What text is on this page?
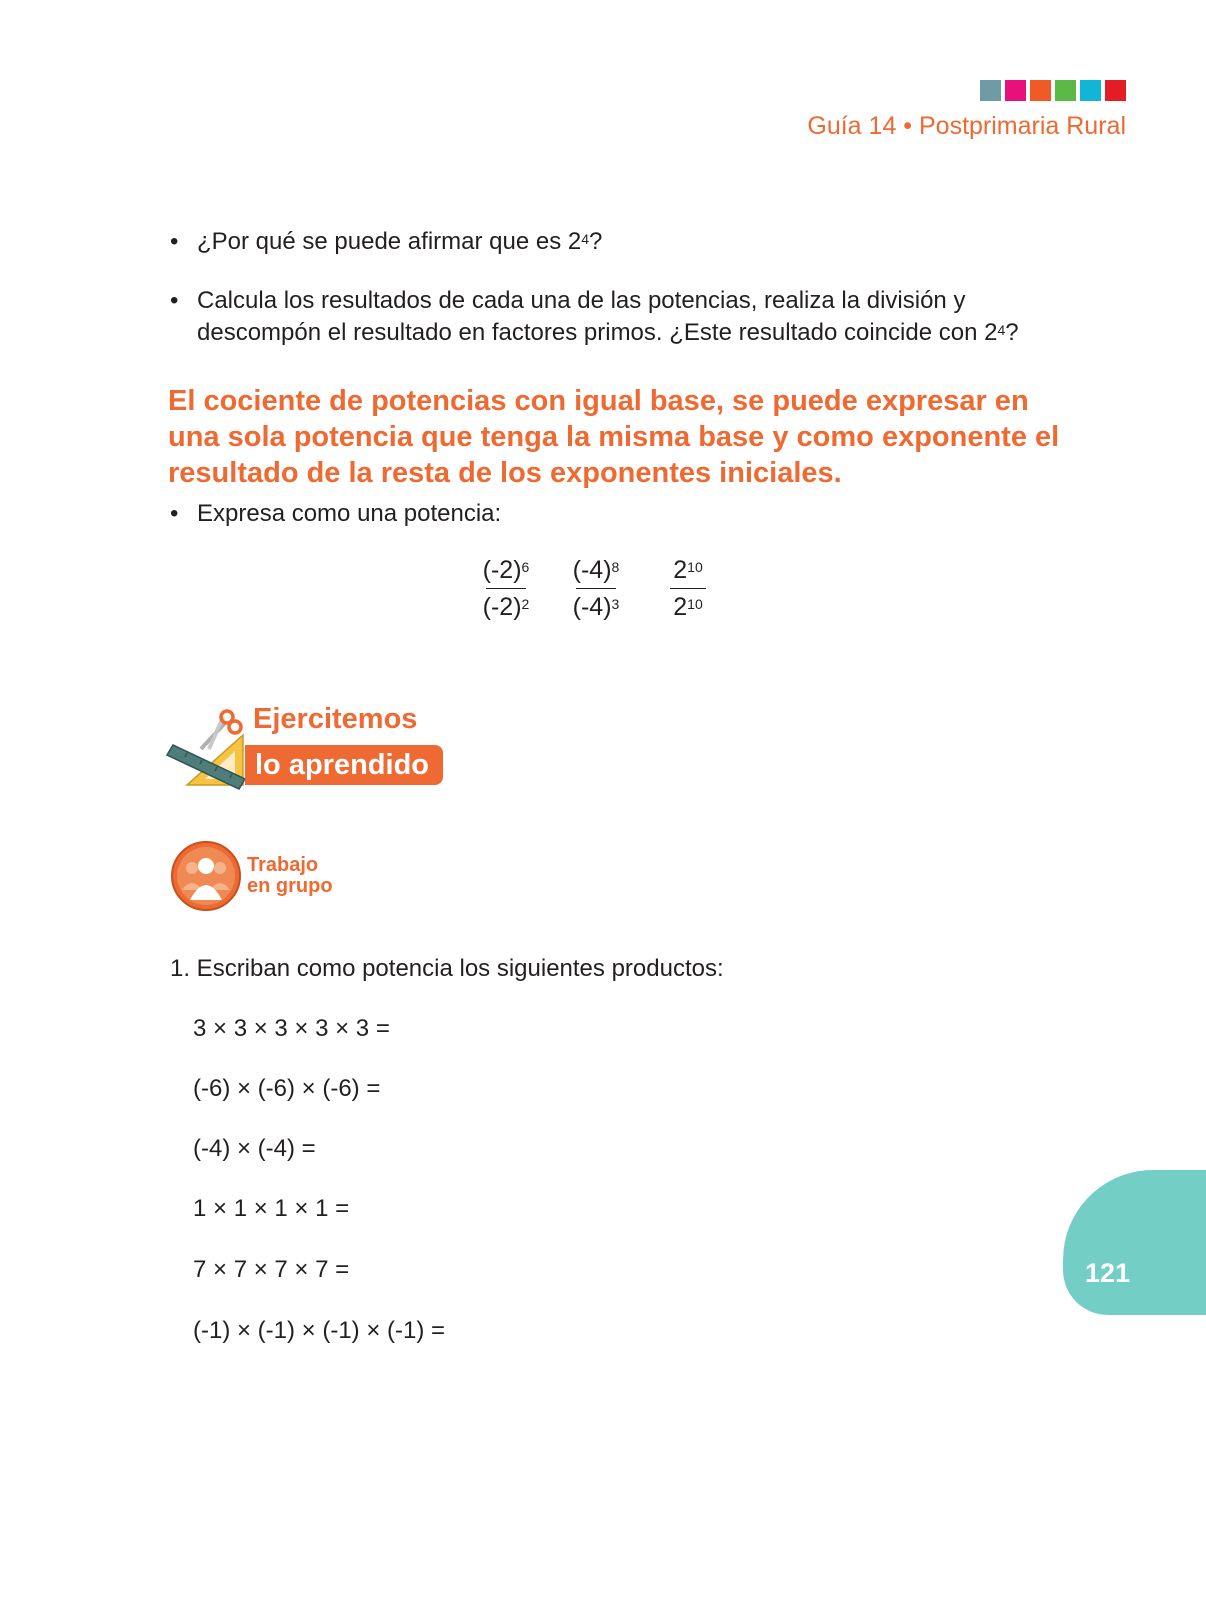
Guía 14 • Postprimaria Rural
• ¿Por qué se puede afirmar que es $2^4$?
• Calcula los resultados de cada una de las potencias, realiza la división y descompón el resultado en factores primos. ¿Este resultado coincide con $2^4$?
El cociente de potencias con igual base, se puede expresar en una sola potencia que tenga la misma base y como exponente el resultado de la resta de los exponentes iniciales.
• Expresa como una potencia:
$(-2)^6$
$(-2)^2$
$(-4)^8$
$(-4)^3$
$2^{10}$
$2^{10}$
Ejercitemos
lo aprendido
Trabajo
en grupo
1. Escriban como potencia los siguientes productos:
3 × 3 × 3 × 3 × 3 =
(-6) × (-6) × (-6) =
(-4) × (-4) =
1 × 1 × 1 × 1 =
7 × 7 × 7 × 7 =
(-1) × (-1) × (-1) × (-1) =
121
